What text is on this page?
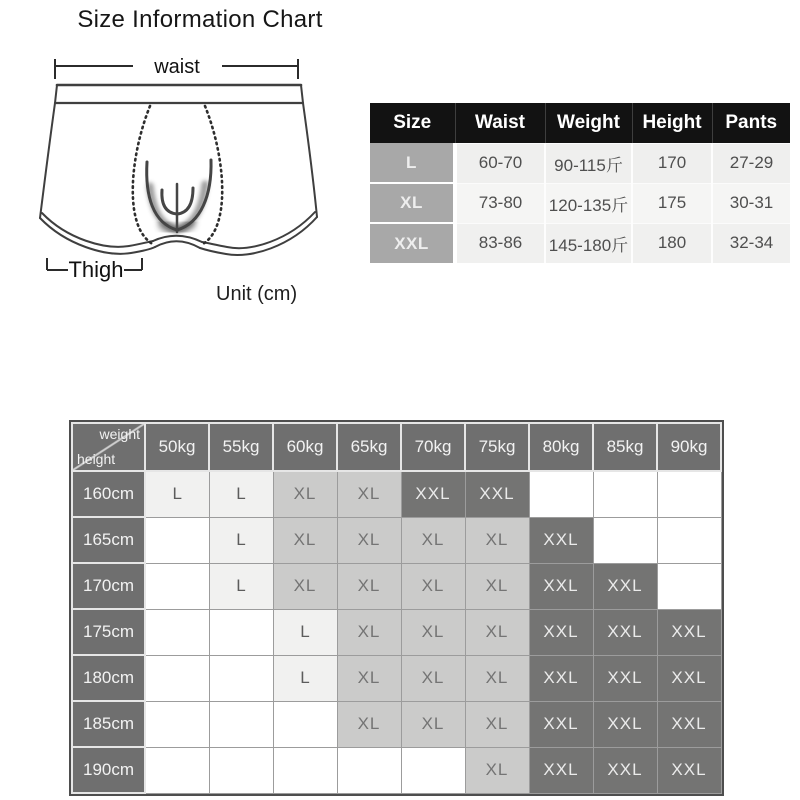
Size Information Chart
waist
Thigh
Unit (cm)
Size	Waist	Weight	Height	Pants
L	60-70	90-115斤	170	27-29
XL	73-80	120-135斤	175	30-31
XXL	83-86	145-180斤	180	32-34
weight
height	50kg	55kg	60kg	65kg	70kg	75kg	80kg	85kg	90kg
160cm	L	L	XL	XL	XXL	XXL			
165cm		L	XL	XL	XL	XL	XXL		
170cm		L	XL	XL	XL	XL	XXL	XXL	
175cm			L	XL	XL	XL	XXL	XXL	XXL
180cm			L	XL	XL	XL	XXL	XXL	XXL
185cm				XL	XL	XL	XXL	XXL	XXL
190cm						XL	XXL	XXL	XXL
